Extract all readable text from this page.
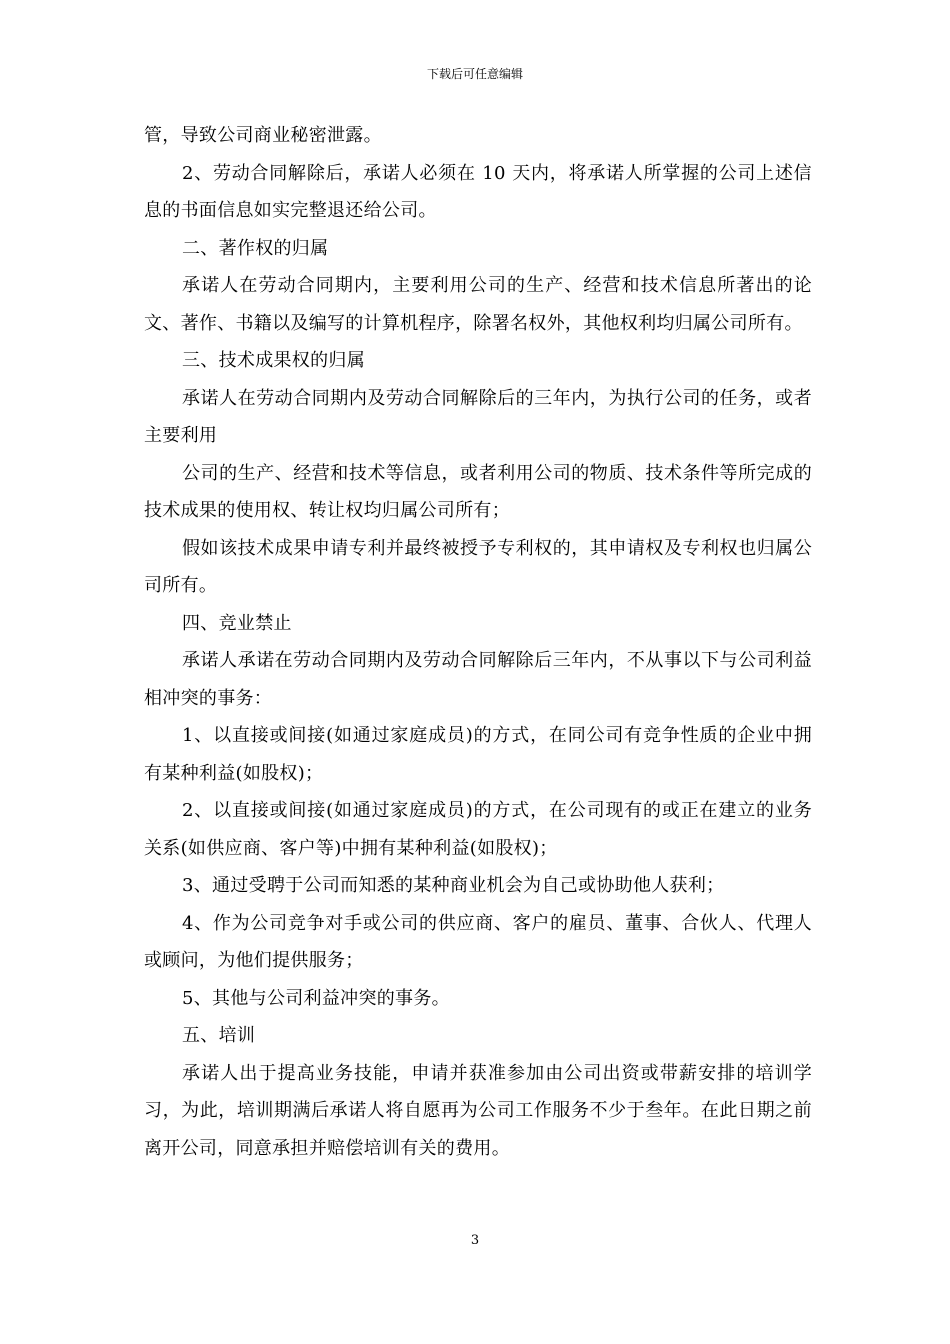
下载后可任意编辑

管，导致公司商业秘密泄露。

2、劳动合同解除后，承诺人必须在 10 天内，将承诺人所掌握的公司上述信息的书面信息如实完整退还给公司。

二、著作权的归属

承诺人在劳动合同期内，主要利用公司的生产、经营和技术信息所著出的论文、著作、书籍以及编写的计算机程序，除署名权外，其他权利均归属公司所有。

三、技术成果权的归属

承诺人在劳动合同期内及劳动合同解除后的三年内，为执行公司的任务，或者主要利用

公司的生产、经营和技术等信息，或者利用公司的物质、技术条件等所完成的技术成果的使用权、转让权均归属公司所有；

假如该技术成果申请专利并最终被授予专利权的，其申请权及专利权也归属公司所有。

四、竞业禁止

承诺人承诺在劳动合同期内及劳动合同解除后三年内，不从事以下与公司利益相冲突的事务：

1、以直接或间接(如通过家庭成员)的方式，在同公司有竞争性质的企业中拥有某种利益(如股权)；

2、以直接或间接(如通过家庭成员)的方式，在公司现有的或正在建立的业务关系(如供应商、客户等)中拥有某种利益(如股权)；

3、通过受聘于公司而知悉的某种商业机会为自己或协助他人获利；

4、作为公司竞争对手或公司的供应商、客户的雇员、董事、合伙人、代理人或顾问，为他们提供服务；

5、其他与公司利益冲突的事务。

五、培训

承诺人出于提高业务技能，申请并获准参加由公司出资或带薪安排的培训学习，为此，培训期满后承诺人将自愿再为公司工作服务不少于叁年。在此日期之前离开公司，同意承担并赔偿培训有关的费用。

3
